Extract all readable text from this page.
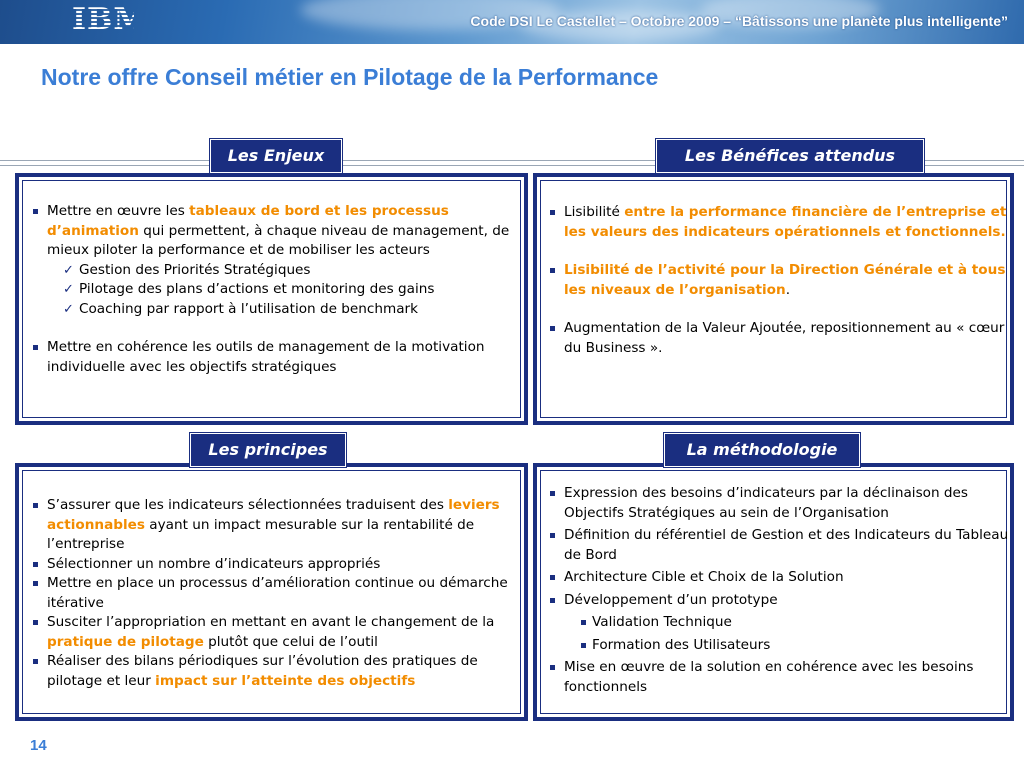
IBM	Code DSI Le Castellet – Octobre 2009 – “Bâtissons une planète plus intelligente”
Notre offre Conseil métier en Pilotage de la Performance
Les Enjeux	Les Bénéfices attendus
Les principes	La méthodologie
Mettre en œuvre les tableaux de bord et les processus d’animation qui permettent, à chaque niveau de management, de mieux piloter la performance et de mobiliser les acteurs
✓ Gestion des Priorités Stratégiques
✓ Pilotage des plans d’actions et monitoring des gains
✓ Coaching par rapport à l’utilisation de benchmark
Mettre en cohérence les outils de management de la motivation individuelle avec les objectifs stratégiques
Lisibilité entre la performance financière de l’entreprise et les valeurs des indicateurs opérationnels et fonctionnels.
Lisibilité de l’activité pour la Direction Générale et à tous les niveaux de l’organisation.
Augmentation de la Valeur Ajoutée, repositionnement au « cœur du Business ».
S’assurer que les indicateurs sélectionnées traduisent des leviers actionnables ayant un impact mesurable sur la rentabilité de l’entreprise
Sélectionner un nombre d’indicateurs appropriés
Mettre en place un processus d’amélioration continue ou démarche itérative
Susciter l’appropriation en mettant en avant le changement de la pratique de pilotage plutôt que celui de l’outil
Réaliser des bilans périodiques sur l’évolution des pratiques de pilotage et leur impact sur l’atteinte des objectifs
Expression des besoins d’indicateurs par la déclinaison des Objectifs Stratégiques au sein de l’Organisation
Définition du référentiel de Gestion et des Indicateurs du Tableau de Bord
Architecture Cible et Choix de la Solution
Développement d’un prototype
Validation Technique
Formation des Utilisateurs
Mise en œuvre de la solution en cohérence avec les besoins fonctionnels
14
